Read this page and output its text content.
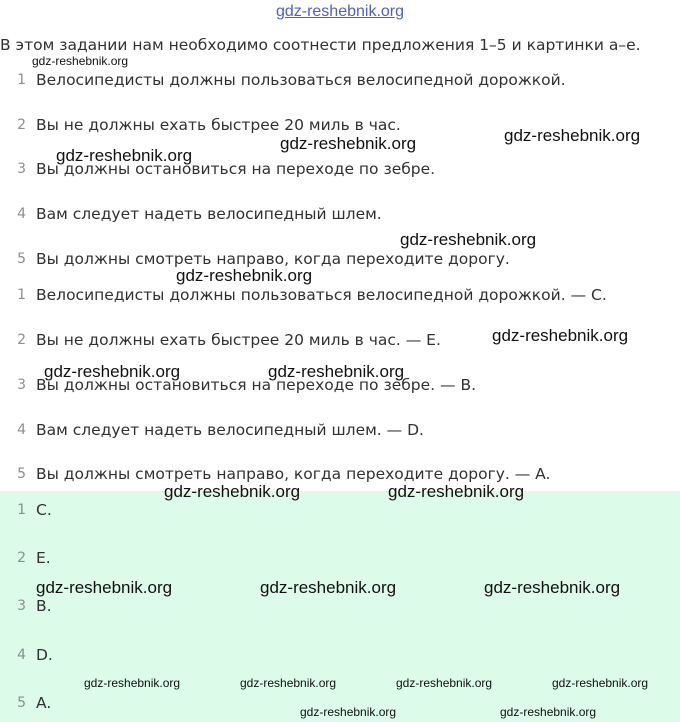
gdz-reshebnik.org
В этом задании нам необходимо соотнести предложения 1–5 и картинки a–e.
1 Велосипедисты должны пользоваться велосипедной дорожкой.
2 Вы не должны ехать быстрее 20 миль в час.
3 Вы должны остановиться на переходе по зебре.
4 Вам следует надеть велосипедный шлем.
5 Вы должны смотреть направо, когда переходите дорогу.
1 Велосипедисты должны пользоваться велосипедной дорожкой. — C.
2 Вы не должны ехать быстрее 20 миль в час. — E.
3 Вы должны остановиться на переходе по зебре. — B.
4 Вам следует надеть велосипедный шлем. — D.
5 Вы должны смотреть направо, когда переходите дорогу. — A.
1 C.
2 E.
3 B.
4 D.
5 A.
gdz-reshebnik.org
gdz-reshebnik.org
gdz-reshebnik.org
gdz-reshebnik.org
gdz-reshebnik.org
gdz-reshebnik.org
gdz-reshebnik.org
gdz-reshebnik.org	gdz-reshebnik.org
gdz-reshebnik.org	gdz-reshebnik.org
gdz-reshebnik.org	gdz-reshebnik.org	gdz-reshebnik.org
gdz-reshebnik.org	gdz-reshebnik.org	gdz-reshebnik.org	gdz-reshebnik.org
gdz-reshebnik.org	gdz-reshebnik.org
